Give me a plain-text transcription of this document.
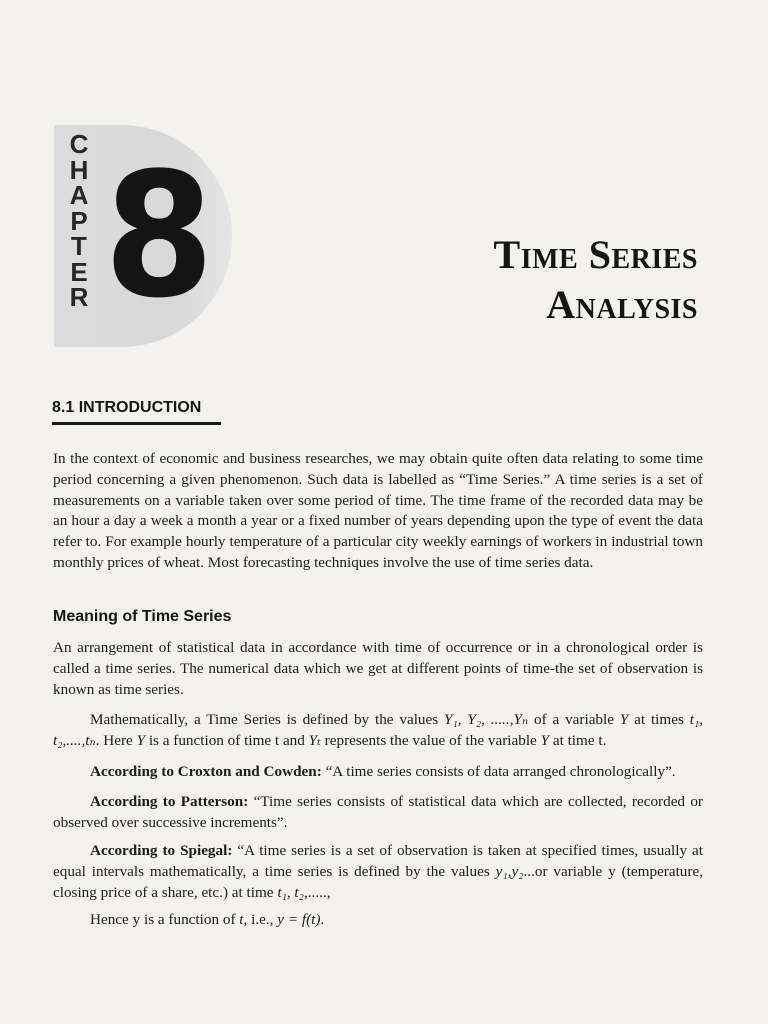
C
H
A
P
T
E
R 8	Time Series
Analysis
8.1 INTRODUCTION

In the context of economic and business researches, we may obtain quite often data relating to some time period concerning a given phenomenon. Such data is labelled as “Time Series.” A time series is a set of measurements on a variable taken over some period of time. The time frame of the recorded data may be an hour a day a week a month a year or a fixed number of years depending upon the type of event the data refer to. For example hourly temperature of a particular city weekly earnings of workers in industrial town monthly prices of wheat. Most forecasting techniques involve the use of time series data.

Meaning of Time Series

An arrangement of statistical data in accordance with time of occurrence or in a chronological order is called a time series. The numerical data which we get at different points of time-the set of observation is known as time series.

Mathematically, a Time Series is defined by the values Y₁, Y₂, .....,Yₙ of a variable Y at times t₁, t₂,....,tₙ. Here Y is a function of time t and Yₜ represents the value of the variable Y at time t.

According to Croxton and Cowden: “A time series consists of data arranged chronologically”.

According to Patterson: “Time series consists of statistical data which are collected, recorded or observed over successive increments”.

According to Spiegal: “A time series is a set of observation is taken at specified times, usually at equal intervals mathematically, a time series is defined by the values y₁,y₂...or variable y (temperature, closing price of a share, etc.) at time t₁, t₂,.....,

Hence y is a function of t, i.e., y = f(t).
